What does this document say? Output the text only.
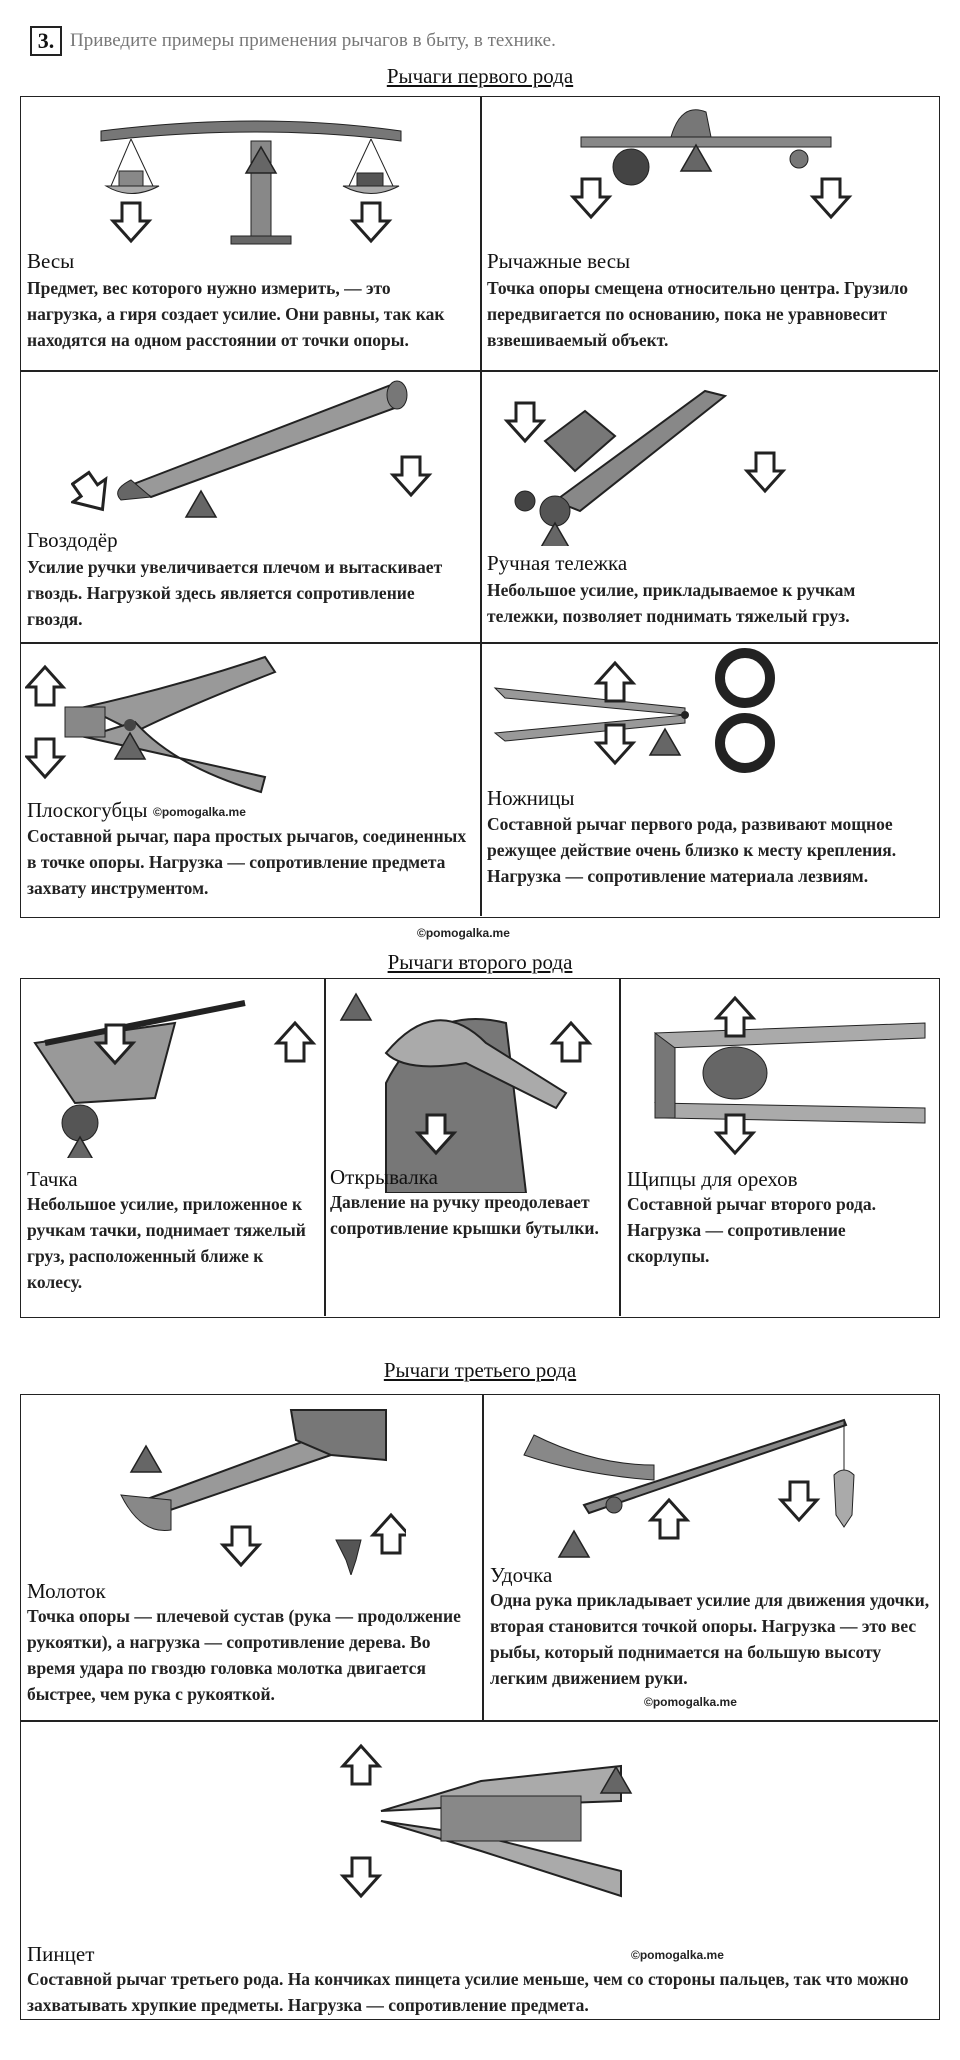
3. Приведите примеры применения рычагов в быту, в технике.
Рычаги первого рода
Весы
Предмет, вес которого нужно измерить, — это нагрузка, а гиря создает усилие. Они равны, так как находятся на одном расстоянии от точки опоры.
Рычажные весы
Точка опоры смещена относительно центра. Грузило передвигается по основанию, пока не уравновесит взвешиваемый объект.
Гвоздодёр
Усилие ручки увеличивается плечом и вытаскивает гвоздь. Нагрузкой здесь является сопротивление гвоздя.
Ручная тележка
Небольшое усилие, прикладываемое к ручкам тележки, позволяет поднимать тяжелый груз.
Плоскогубцы ©pomogalka.me
Составной рычаг, пара простых рычагов, соединенных в точке опоры. Нагрузка — сопротивление предмета захвату инструментом.
Ножницы
Составной рычаг первого рода, развивают мощное режущее действие очень близко к месту крепления. Нагрузка — сопротивление материала лезвиям.
©pomogalka.me
Рычаги второго рода
Тачка
Небольшое усилие, приложенное к ручкам тачки, поднимает тяжелый груз, расположенный ближе к колесу.
Открывалка
Давление на ручку преодолевает сопротивление крышки бутылки.
Щипцы для орехов
Составной рычаг второго рода. Нагрузка — сопротивление скорлупы.
Рычаги третьего рода
Молоток
Точка опоры — плечевой сустав (рука — продолжение рукоятки), а нагрузка — сопротивление дерева. Во время удара по гвоздю головка молотка двигается быстрее, чем рука с рукояткой.
Удочка
Одна рука прикладывает усилие для движения удочки, вторая становится точкой опоры. Нагрузка — это вес рыбы, который поднимается на большую высоту легким движением руки.
©pomogalka.me
Пинцет	©pomogalka.me
Составной рычаг третьего рода. На кончиках пинцета усилие меньше, чем со стороны пальцев, так что можно захватывать хрупкие предметы. Нагрузка — сопротивление предмета.
